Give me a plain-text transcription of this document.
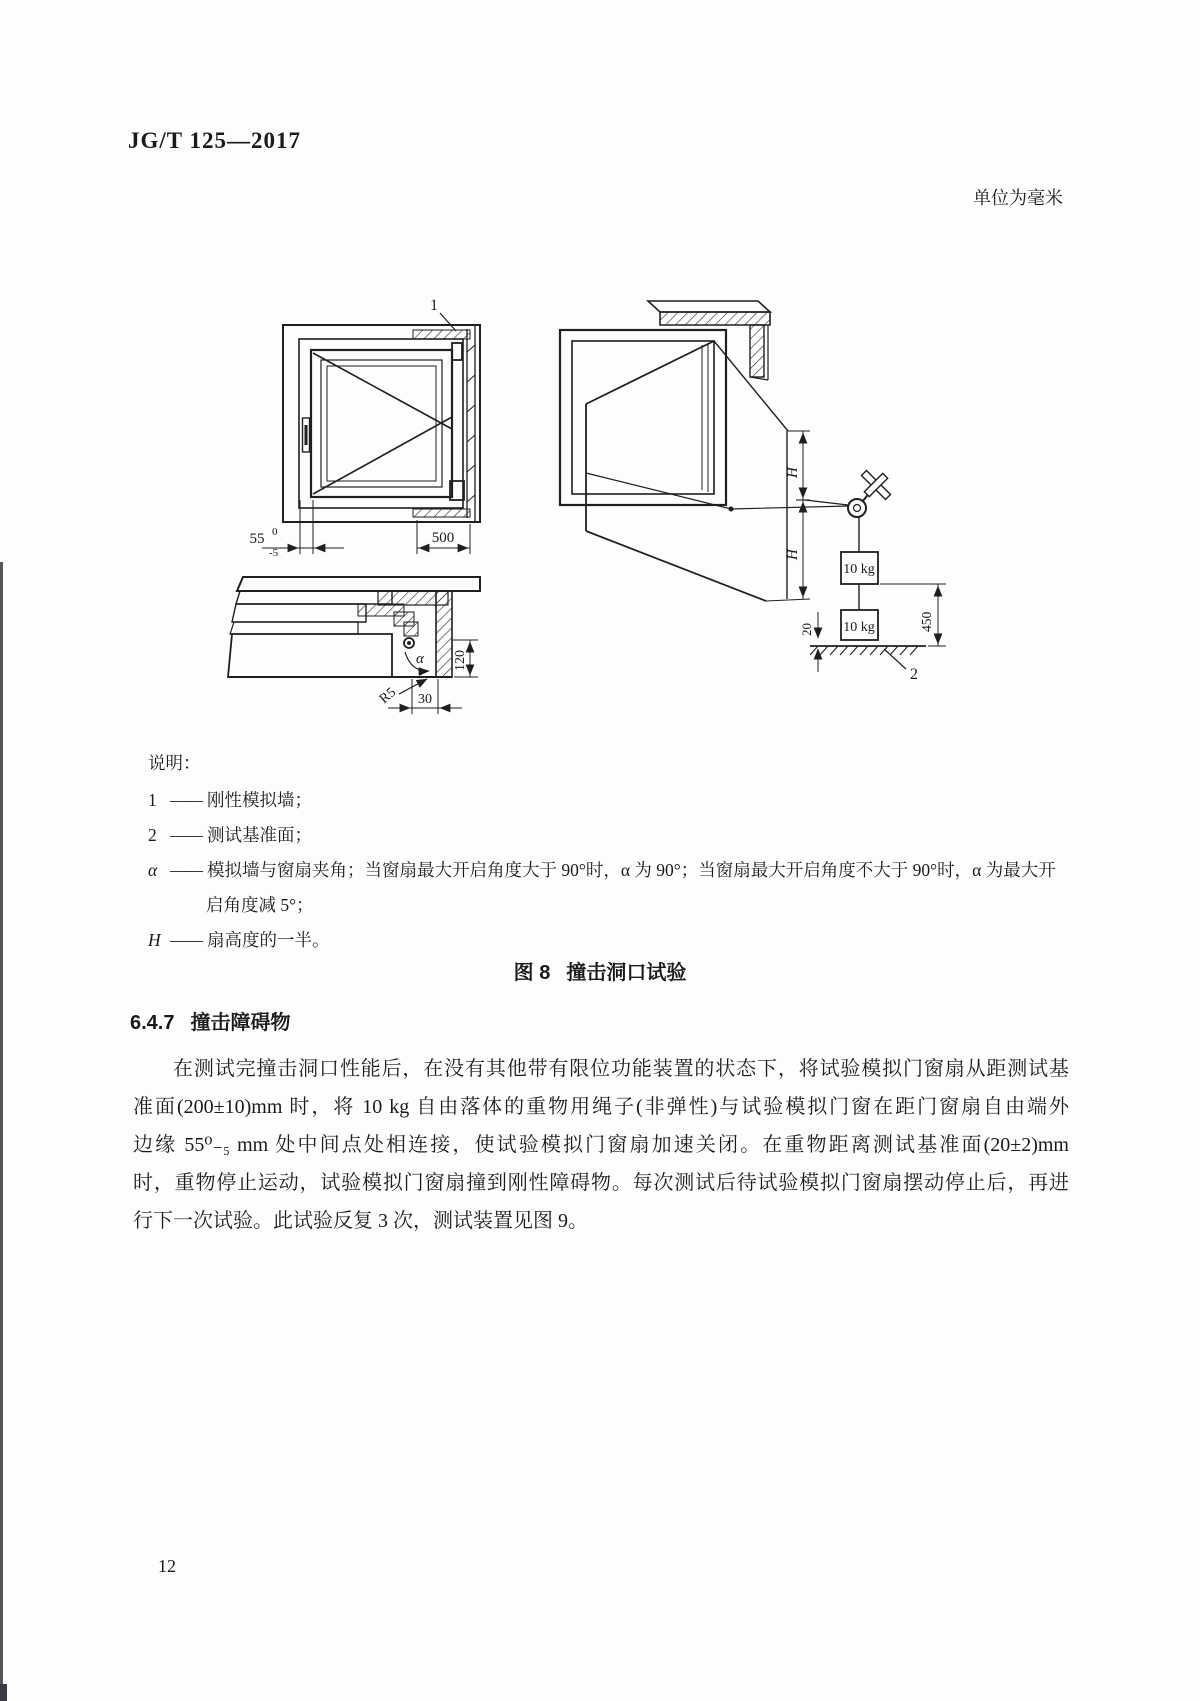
JG/T 125—2017
单位为毫米
1
55 0
-5
500
α 120
R5 30
H
H
10 kg
10 kg
20	450
2
说明：
1 —— 刚性模拟墙；
2 —— 测试基准面；
α —— 模拟墙与窗扇夹角；当窗扇最大开启角度大于 90°时，α 为 90°；当窗扇最大开启角度不大于 90°时，α 为最大开
启角度减 5°；
H —— 扇高度的一半。
图 8 撞击洞口试验
6.4.7 撞击障碍物
在测试完撞击洞口性能后，在没有其他带有限位功能装置的状态下，将试验模拟门窗扇从距测试基
准面(200±10)mm 时，将 10 kg 自由落体的重物用绳子(非弹性)与试验模拟门窗在距门窗扇自由端外
边缘 55⁰₋₅ mm 处中间点处相连接，使试验模拟门窗扇加速关闭。在重物距离测试基准面(20±2)mm
时，重物停止运动，试验模拟门窗扇撞到刚性障碍物。每次测试后待试验模拟门窗扇摆动停止后，再进
行下一次试验。此试验反复 3 次，测试装置见图 9。
12
